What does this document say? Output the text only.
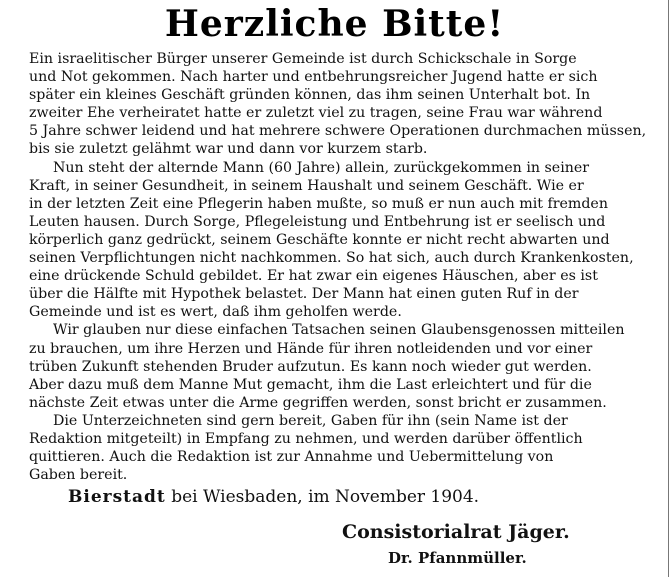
Herzliche Bitte!
Ein israelitischer Bürger unserer Gemeinde ist durch Schickschale in Sorge
und Not gekommen. Nach harter und entbehrungsreicher Jugend hatte er sich
später ein kleines Geschäft gründen können, das ihm seinen Unterhalt bot. In
zweiter Ehe verheiratet hatte er zuletzt viel zu tragen, seine Frau war während
5 Jahre schwer leidend und hat mehrere schwere Operationen durchmachen müssen,
bis sie zuletzt gelähmt war und dann vor kurzem starb.
Nun steht der alternde Mann (60 Jahre) allein, zurückgekommen in seiner
Kraft, in seiner Gesundheit, in seinem Haushalt und seinem Geschäft. Wie er
in der letzten Zeit eine Pflegerin haben mußte, so muß er nun auch mit fremden
Leuten hausen. Durch Sorge, Pflegeleistung und Entbehrung ist er seelisch und
körperlich ganz gedrückt, seinem Geschäfte konnte er nicht recht abwarten und
seinen Verpflichtungen nicht nachkommen. So hat sich, auch durch Krankenkosten,
eine drückende Schuld gebildet. Er hat zwar ein eigenes Häuschen, aber es ist
über die Hälfte mit Hypothek belastet. Der Mann hat einen guten Ruf in der
Gemeinde und ist es wert, daß ihm geholfen werde.
Wir glauben nur diese einfachen Tatsachen seinen Glaubensgenossen mitteilen
zu brauchen, um ihre Herzen und Hände für ihren notleidenden und vor einer
trüben Zukunft stehenden Bruder aufzutun. Es kann noch wieder gut werden.
Aber dazu muß dem Manne Mut gemacht, ihm die Last erleichtert und für die
nächste Zeit etwas unter die Arme gegriffen werden, sonst bricht er zusammen.
Die Unterzeichneten sind gern bereit, Gaben für ihn (sein Name ist der
Redaktion mitgeteilt) in Empfang zu nehmen, und werden darüber öffentlich
quittieren. Auch die Redaktion ist zur Annahme und Uebermittelung von
Gaben bereit.
Bierstadt bei Wiesbaden, im November 1904.
Consistorialrat Jäger.
Dr. Pfannmüller.
